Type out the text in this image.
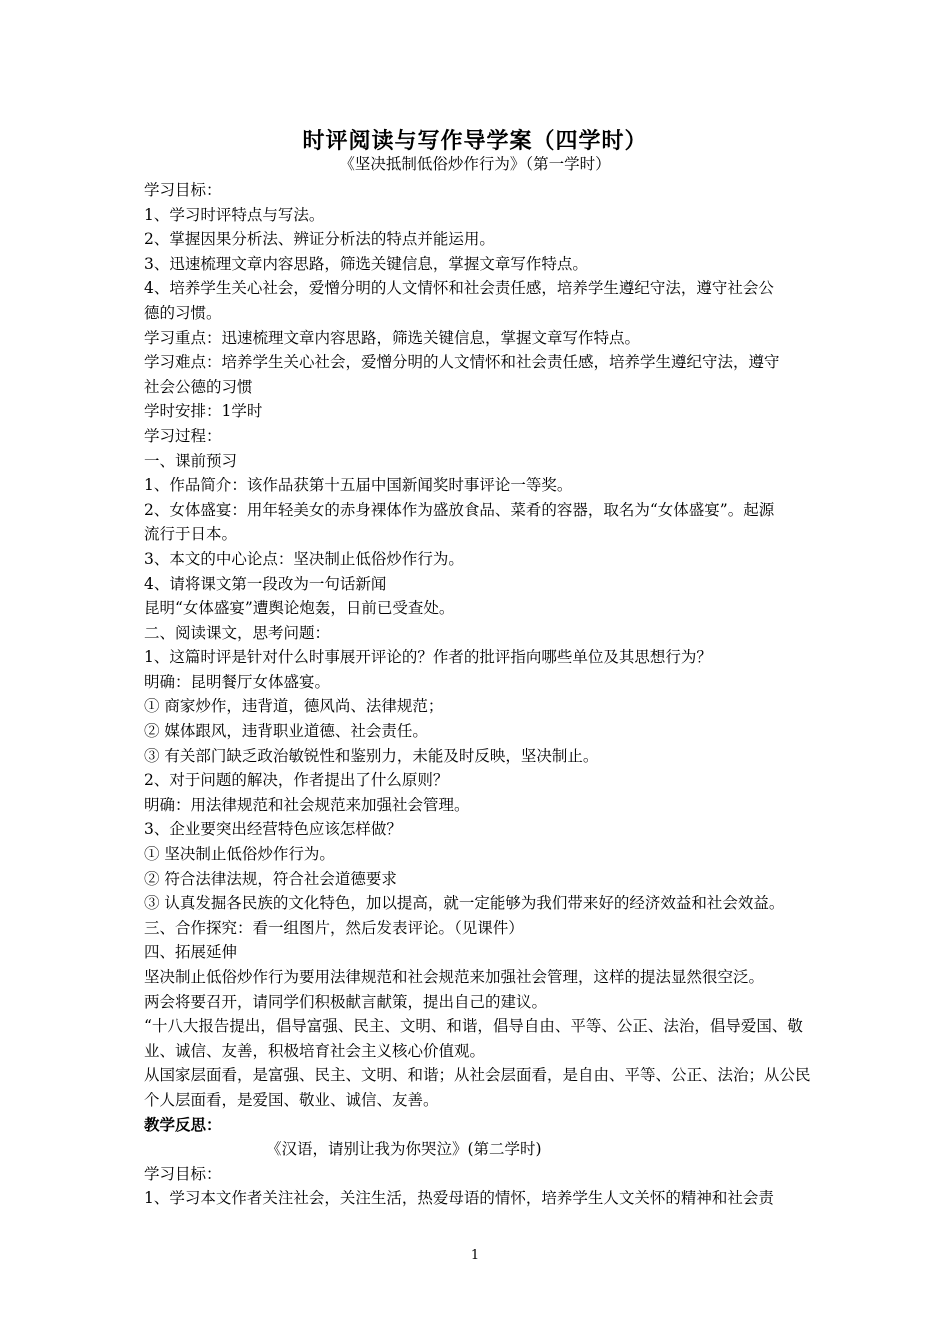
时评阅读与写作导学案（四学时）
《坚决抵制低俗炒作行为》（第一学时）

学习目标：

1、学习时评特点与写法。

2、掌握因果分析法、辨证分析法的特点并能运用。

3、迅速梳理文章内容思路，筛选关键信息，掌握文章写作特点。

4、培养学生关心社会，爱憎分明的人文情怀和社会责任感，培养学生遵纪守法，遵守社会公

德的习惯。

学习重点：迅速梳理文章内容思路，筛选关键信息，掌握文章写作特点。

学习难点：培养学生关心社会，爱憎分明的人文情怀和社会责任感，培养学生遵纪守法，遵守

社会公德的习惯

学时安排：1学时

学习过程：

一、课前预习

1、作品简介：该作品获第十五届中国新闻奖时事评论一等奖。

2、女体盛宴：用年轻美女的赤身裸体作为盛放食品、菜肴的容器，取名为“女体盛宴”。起源

流行于日本。

3、本文的中心论点：坚决制止低俗炒作行为。

4、请将课文第一段改为一句话新闻

昆明“女体盛宴”遭舆论炮轰，日前已受查处。

二、阅读课文，思考问题：

1、这篇时评是针对什么时事展开评论的？作者的批评指向哪些单位及其思想行为？

明确：昆明餐厅女体盛宴。

① 商家炒作，违背道，德风尚、法律规范；

② 媒体跟风，违背职业道德、社会责任。

③ 有关部门缺乏政治敏锐性和鉴别力，未能及时反映，坚决制止。

2、对于问题的解决，作者提出了什么原则？

明确：用法律规范和社会规范来加强社会管理。

3、企业要突出经营特色应该怎样做？

① 坚决制止低俗炒作行为。

② 符合法律法规，符合社会道德要求

③ 认真发掘各民族的文化特色，加以提高，就一定能够为我们带来好的经济效益和社会效益。

三、合作探究：看一组图片，然后发表评论。（见课件）

四、拓展延伸

坚决制止低俗炒作行为要用法律规范和社会规范来加强社会管理，这样的提法显然很空泛。

两会将要召开，请同学们积极献言献策，提出自己的建议。

“十八大报告提出，倡导富强、民主、文明、和谐，倡导自由、平等、公正、法治，倡导爱国、敬

业、诚信、友善，积极培育社会主义核心价值观。

从国家层面看，是富强、民主、文明、和谐；从社会层面看，是自由、平等、公正、法治；从公民

个人层面看，是爱国、敬业、诚信、友善。

教学反思：

《汉语，请别让我为你哭泣》(第二学时)

学习目标：

1、学习本文作者关注社会，关注生活，热爱母语的情怀，培养学生人文关怀的精神和社会责

1
